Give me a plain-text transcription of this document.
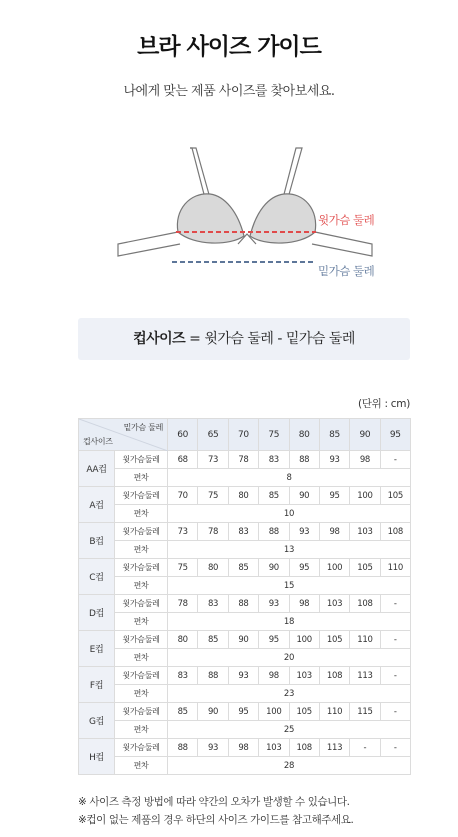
브라 사이즈 가이드
나에게 맞는 제품 사이즈를 찾아보세요.
윗가슴 둘레
밑가슴 둘레
컵사이즈 = 윗가슴 둘레 - 밑가슴 둘레
(단위 : cm)
밑가슴 둘레
컵사이즈		60	65	70	75	80	85	90	95
AA컵	윗가슴둘레	68	73	78	83	88	93	98	-
	편차	8							
A컵	윗가슴둘레	70	75	80	85	90	95	100	105
	편차	10							
B컵	윗가슴둘레	73	78	83	88	93	98	103	108
	편차	13							
C컵	윗가슴둘레	75	80	85	90	95	100	105	110
	편차	15							
D컵	윗가슴둘레	78	83	88	93	98	103	108	-
	편차	18							
E컵	윗가슴둘레	80	85	90	95	100	105	110	-
	편차	20							
F컵	윗가슴둘레	83	88	93	98	103	108	113	-
	편차	23							
G컵	윗가슴둘레	85	90	95	100	105	110	115	-
	편차	25							
H컵	윗가슴둘레	88	93	98	103	108	113	-	-
	편차	28							
※ 사이즈 측정 방법에 따라 약간의 오차가 발생할 수 있습니다.
※컵이 없는 제품의 경우 하단의 사이즈 가이드를 참고해주세요.
